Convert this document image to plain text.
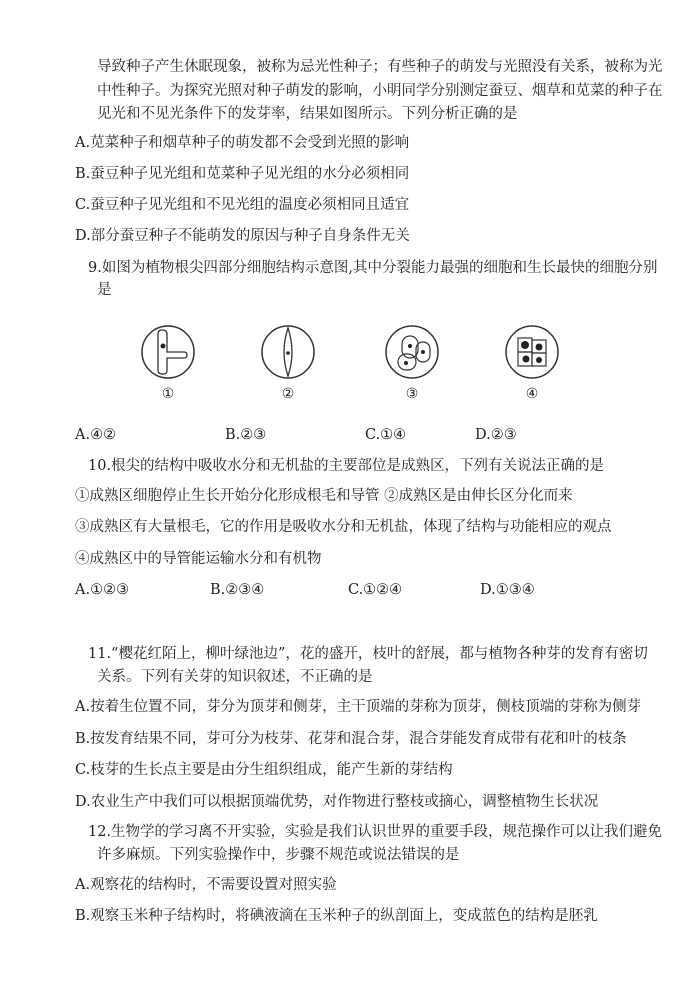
导致种子产生休眠现象，被称为忌光性种子；有些种子的萌发与光照没有关系，被称为光
中性种子。为探究光照对种子萌发的影响，小明同学分别测定蚕豆、烟草和苋菜的种子在
见光和不见光条件下的发芽率，结果如图所示。下列分析正确的是
A.苋菜种子和烟草种子的萌发都不会受到光照的影响
B.蚕豆种子见光组和苋菜种子见光组的水分必须相同
C.蚕豆种子见光组和不见光组的温度必须相同且适宜
D.部分蚕豆种子不能萌发的原因与种子自身条件无关
9.如图为植物根尖四部分细胞结构示意图,其中分裂能力最强的细胞和生长最快的细胞分别
是
①	②	③	④
A.④②	B.②③	C.①④	D.②③
10.根尖的结构中吸收水分和无机盐的主要部位是成熟区，下列有关说法正确的是
①成熟区细胞停止生长开始分化形成根毛和导管 ②成熟区是由伸长区分化而来
③成熟区有大量根毛，它的作用是吸收水分和无机盐，体现了结构与功能相应的观点
④成熟区中的导管能运输水分和有机物
A.①②③	B.②③④	C.①②④	D.①③④
11.“樱花红陌上，柳叶绿池边”，花的盛开，枝叶的舒展，都与植物各种芽的发育有密切
关系。下列有关芽的知识叙述，不正确的是
A.按着生位置不同，芽分为顶芽和侧芽，主干顶端的芽称为顶芽，侧枝顶端的芽称为侧芽
B.按发育结果不同，芽可分为枝芽、花芽和混合芽，混合芽能发育成带有花和叶的枝条
C.枝芽的生长点主要是由分生组织组成，能产生新的芽结构
D.农业生产中我们可以根据顶端优势，对作物进行整枝或摘心，调整植物生长状况
12.生物学的学习离不开实验，实验是我们认识世界的重要手段，规范操作可以让我们避免
许多麻烦。下列实验操作中，步骤不规范或说法错误的是
A.观察花的结构时，不需要设置对照实验
B.观察玉米种子结构时，将碘液滴在玉米种子的纵剖面上，变成蓝色的结构是胚乳
